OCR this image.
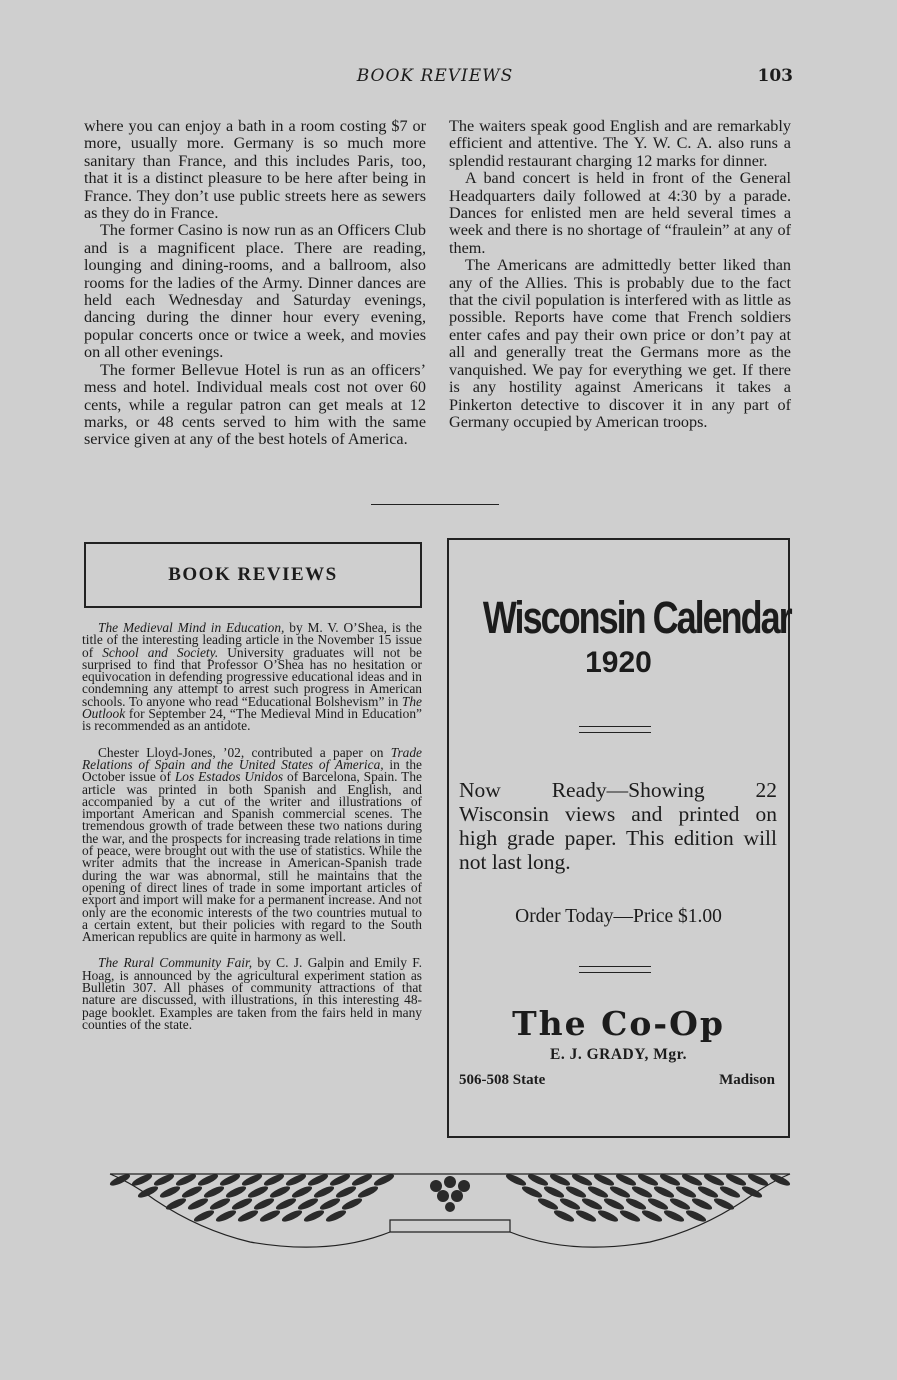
BOOK REVIEWS	103

where you can enjoy a bath in a room costing $7 or more, usually more. Germany is so much more sanitary than France, and this includes Paris, too, that it is a distinct pleasure to be here after being in France. They don’t use public streets here as sewers as they do in France.

The former Casino is now run as an Officers Club and is a magnificent place. There are reading, lounging and dining-rooms, and a ballroom, also rooms for the ladies of the Army. Dinner dances are held each Wednesday and Saturday evenings, dancing during the dinner hour every evening, popular concerts once or twice a week, and movies on all other evenings.

The former Bellevue Hotel is run as an officers’ mess and hotel. Individual meals cost not over 60 cents, while a regular patron can get meals at 12 marks, or 48 cents served to him with the same service given at any of the best hotels of America.

The waiters speak good English and are remarkably efficient and attentive. The Y. W. C. A. also runs a splendid restaurant charging 12 marks for dinner.

A band concert is held in front of the General Headquarters daily followed at 4:30 by a parade. Dances for enlisted men are held several times a week and there is no shortage of “fraulein” at any of them.

The Americans are admittedly better liked than any of the Allies. This is probably due to the fact that the civil population is interfered with as little as possible. Reports have come that French soldiers enter cafes and pay their own price or don’t pay at all and generally treat the Germans more as the vanquished. We pay for everything we get. If there is any hostility against Americans it takes a Pinkerton detective to discover it in any part of Germany occupied by American troops.

BOOK REVIEWS

The Medieval Mind in Education, by M. V. O’Shea, is the title of the interesting leading article in the November 15 issue of School and Society. University graduates will not be surprised to find that Professor O’Shea has no hesitation or equivocation in defending progressive educational ideas and in condemning any attempt to arrest such progress in American schools. To anyone who read “Educational Bolshevism” in The Outlook for September 24, “The Medieval Mind in Education” is recommended as an antidote.

Chester Lloyd-Jones, ’02, contributed a paper on Trade Relations of Spain and the United States of America, in the October issue of Los Estados Unidos of Barcelona, Spain. The article was printed in both Spanish and English, and accompanied by a cut of the writer and illustrations of important American and Spanish commercial scenes. The tremendous growth of trade between these two nations during the war, and the prospects for increasing trade relations in time of peace, were brought out with the use of statistics. While the writer admits that the increase in American-Spanish trade during the war was abnormal, still he maintains that the opening of direct lines of trade in some important articles of export and import will make for a permanent increase. And not only are the economic interests of the two countries mutual to a certain extent, but their policies with regard to the South American republics are quite in harmony as well.

The Rural Community Fair, by C. J. Galpin and Emily F. Hoag, is announced by the agricultural experiment station as Bulletin 307. All phases of community attractions of that nature are discussed, with illustrations, in this interesting 48-page booklet. Examples are taken from the fairs held in many counties of the state.

Wisconsin Calendar
1920
Now Ready—Showing 22 Wisconsin views and printed on high grade paper. This edition will not last long.
Order Today—Price $1.00
The Co-Op
E. J. GRADY, Mgr.
506-508 State	Madison
